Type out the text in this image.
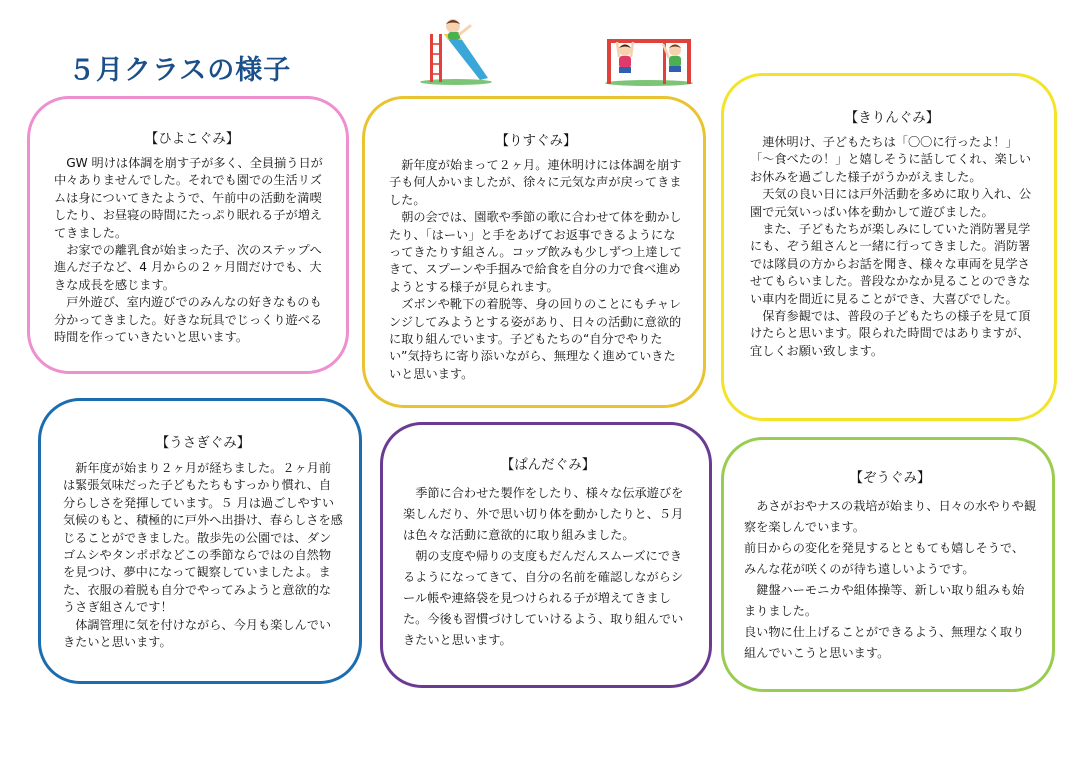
５月クラスの様子
【ひよこぐみ】

GW 明けは体調を崩す子が多く、全員揃う日が中々ありませんでした。それでも園での生活リズムは身についてきたようで、午前中の活動を満喫したり、お昼寝の時間にたっぷり眠れる子が増えてきました。

お家での離乳食が始まった子、次のステップへ進んだ子など、4 月からの２ヶ月間だけでも、大きな成長を感じます。

戸外遊び、室内遊びでのみんなの好きなものも分かってきました。好きな玩具でじっくり遊べる時間を作っていきたいと思います。

【りすぐみ】

新年度が始まって２ヶ月。連休明けには体調を崩す子も何人かいましたが、徐々に元気な声が戻ってきました。

朝の会では、園歌や季節の歌に合わせて体を動かしたり、「はーい」と手をあげてお返事できるようになってきたりす組さん。コップ飲みも少しずつ上達してきて、スプーンや手掴みで給食を自分の力で食べ進めようとする様子が見られます。

ズボンや靴下の着脱等、身の回りのことにもチャレンジしてみようとする姿があり、日々の活動に意欲的に取り組んでいます。子どもたちの“自分でやりたい”気持ちに寄り添いながら、無理なく進めていきたいと思います。

【きりんぐみ】

連休明け、子どもたちは「〇〇に行ったよ！」「～食べたの！」と嬉しそうに話してくれ、楽しいお休みを過ごした様子がうかがえました。

天気の良い日には戸外活動を多めに取り入れ、公園で元気いっぱい体を動かして遊びました。

また、子どもたちが楽しみにしていた消防署見学にも、ぞう組さんと一緒に行ってきました。消防署では隊員の方からお話を聞き、様々な車両を見学させてもらいました。普段なかなか見ることのできない車内を間近に見ることができ、大喜びでした。

保育参観では、普段の子どもたちの様子を見て頂けたらと思います。限られた時間ではありますが、宜しくお願い致します。

【うさぎぐみ】

新年度が始まり２ヶ月が経ちました。２ヶ月前は緊張気味だった子どもたちもすっかり慣れ、自分らしさを発揮しています。５ 月は過ごしやすい気候のもと、積極的に戸外へ出掛け、春らしさを感じることができました。散歩先の公園では、ダンゴムシやタンポポなどこの季節ならではの自然物を見つけ、夢中になって観察していましたよ。また、衣服の着脱も自分でやってみようと意欲的なうさぎ組さんです！

体調管理に気を付けながら、今月も楽しんでいきたいと思います。

【ぱんだぐみ】

季節に合わせた製作をしたり、様々な伝承遊びを楽しんだり、外で思い切り体を動かしたりと、５月は色々な活動に意欲的に取り組みました。

朝の支度や帰りの支度もだんだんスムーズにできるようになってきて、自分の名前を確認しながらシール帳や連絡袋を見つけられる子が増えてきました。今後も習慣づけしていけるよう、取り組んでいきたいと思います。

【ぞうぐみ】

あさがおやナスの栽培が始まり、日々の水やりや観察を楽しんでいます。

前日からの変化を発見するとともても嬉しそうで、みんな花が咲くのが待ち遠しいようです。

鍵盤ハーモニカや組体操等、新しい取り組みも始まりました。

良い物に仕上げることができるよう、無理なく取り組んでいこうと思います。
